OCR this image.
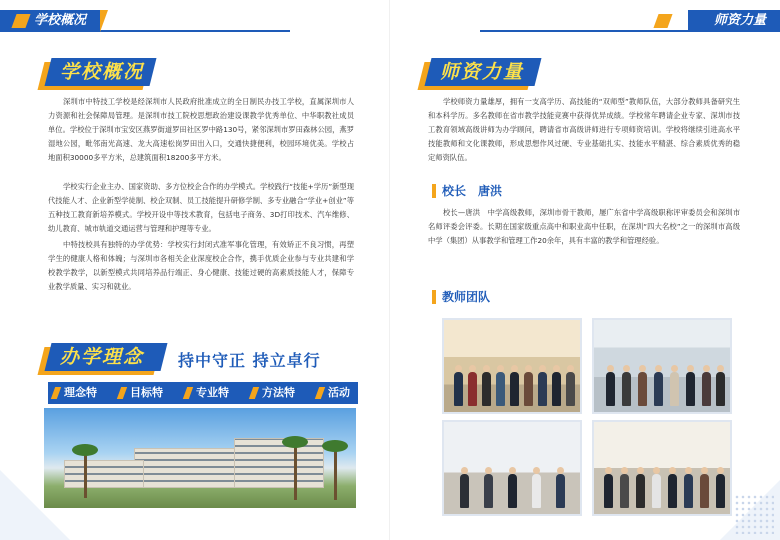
学校概况
学校概况
深圳市中特技工学校是经深圳市人民政府批准成立的全日制民办技工学校，直属深圳市人力资源和社会保障局管理。是深圳市技工院校思想政治建设课教学优秀单位、中华职教社成员单位。学校位于深圳市宝安区燕罗街道罗田社区罗中路130号，紧邻深圳市罗田森林公园，燕罗湿地公园，毗邻南光高速、龙大高速松岗罗田出入口，交通快捷便利，校园环境优美。学校占地面积30000多平方米，总建筑面积18200多平方米。
学校实行企业主办、国家资助、多方位校企合作的办学模式。学校践行“技能+学历”新型现代技能人才、企业新型学徒制、校企双制、员工技能提升研修学制、多专业融合“学业+创业”等五种技工教育新培养模式。学校开设中等技术教育，包括电子商务、3D打印技术、汽车维修、幼儿教育、城市轨道交通运营与管理和护理等专业。
中特技校具有独特的办学优势：学校实行封闭式准军事化管理，有效矫正不良习惯，再塑学生的健康人格和体魄；与深圳市各相关企业深度校企合作，携手优质企业参与专业共建和学校教学教学，以新型模式共同培养品行端正、身心健康、技能过硬的高素质技能人才，保障专业教学质量、实习和就业。
办学理念 持中守正 持立卓行
理念特	目标特	专业特	方法特	活动
师资力量
师资力量
学校师资力量雄厚，拥有一支高学历、高技能的“双师型”教师队伍，大部分教师具备研究生和本科学历。多名教师在省市教学技能竞赛中获得优异成绩。学校常年聘请企业专家、深圳市技工教育领域高级讲师为办学顾问，聘请省市高级讲师进行专项师资培训。学校将继续引进高水平技能教师和文化课教师，形成思想作风过硬、专业基础扎实、技能水平精湛、综合素质优秀的稳定师资队伍。
校长　唐洪
校长—唐洪　中学高级教师，深圳市骨干教师，屡广东省中学高级职称评审委员会和深圳市名师评委会评委。长期在国家级重点高中和职业高中任职，在深圳“四大名校”之一的深圳市高级中学（集团）从事教学和管理工作20余年，具有丰富的教学和管理经验。
教师团队
